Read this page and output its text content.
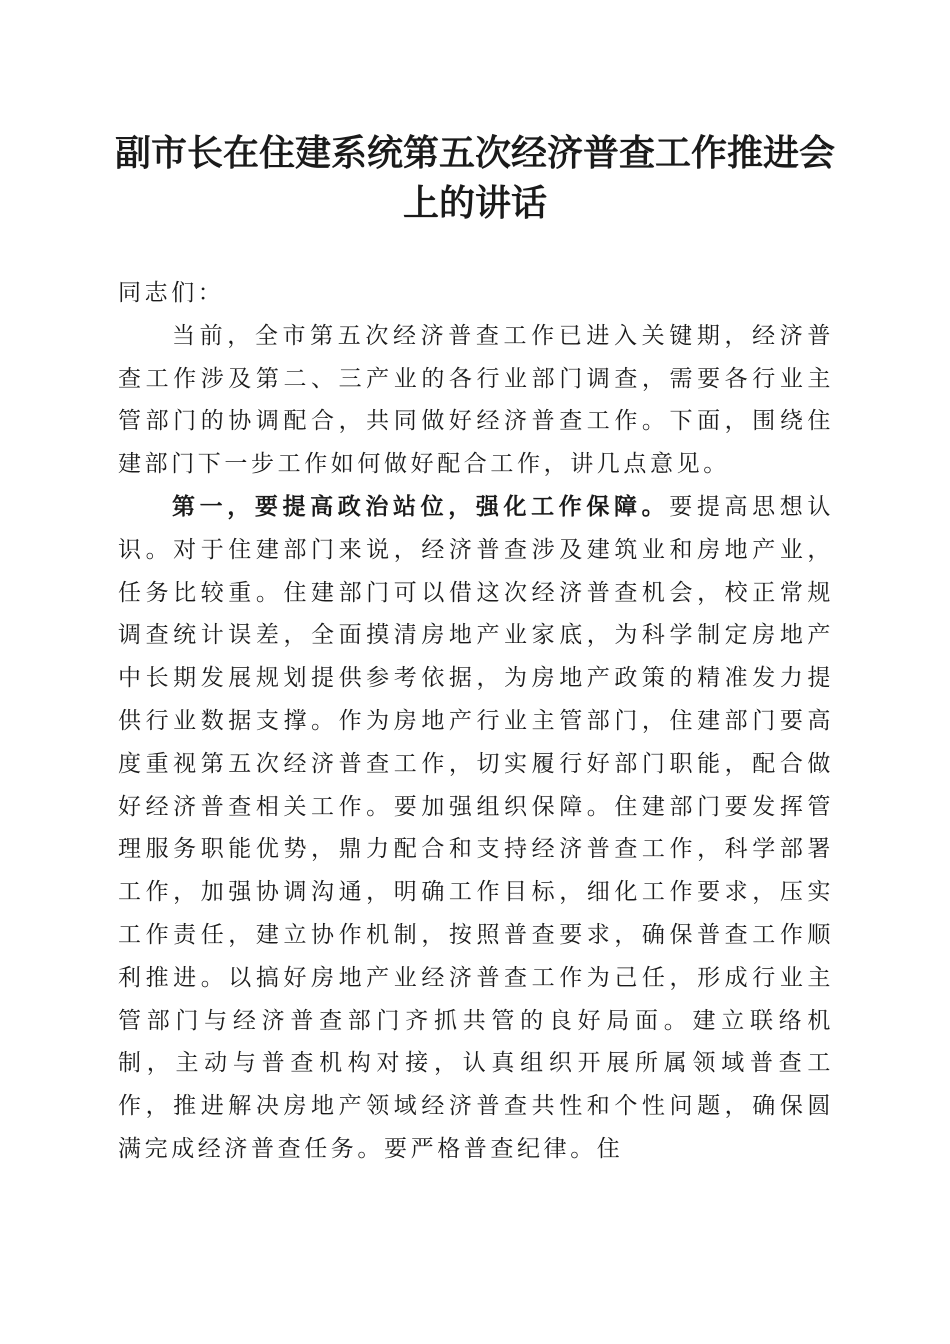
副市长在住建系统第五次经济普查工作推进会
上的讲话

同志们：

当前，全市第五次经济普查工作已进入关键期，经济普查工作涉及第二、三产业的各行业部门调查，需要各行业主管部门的协调配合，共同做好经济普查工作。下面，围绕住建部门下一步工作如何做好配合工作，讲几点意见。

第一，要提高政治站位，强化工作保障。要提高思想认识。对于住建部门来说，经济普查涉及建筑业和房地产业，任务比较重。住建部门可以借这次经济普查机会，校正常规调查统计误差，全面摸清房地产业家底，为科学制定房地产中长期发展规划提供参考依据，为房地产政策的精准发力提供行业数据支撑。作为房地产行业主管部门，住建部门要高度重视第五次经济普查工作，切实履行好部门职能，配合做好经济普查相关工作。要加强组织保障。住建部门要发挥管理服务职能优势，鼎力配合和支持经济普查工作，科学部署工作，加强协调沟通，明确工作目标，细化工作要求，压实工作责任，建立协作机制，按照普查要求，确保普查工作顺利推进。以搞好房地产业经济普查工作为己任，形成行业主管部门与经济普查部门齐抓共管的良好局面。建立联络机制，主动与普查机构对接，认真组织开展所属领域普查工作，推进解决房地产领域经济普查共性和个性问题，确保圆满完成经济普查任务。要严格普查纪律。住
